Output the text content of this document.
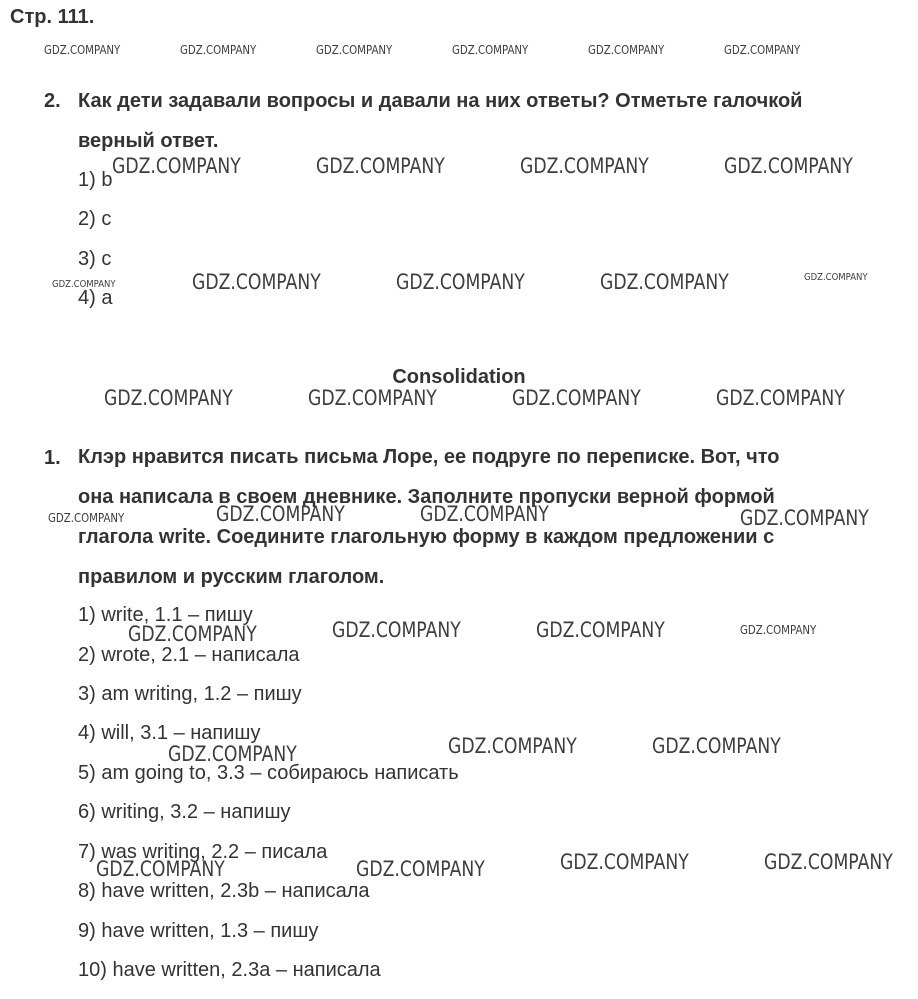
Стр. 111.
2. Как дети задавали вопросы и давали на них ответы? Отметьте галочкой

верный ответ.

1) b
2) c
3) c
4) a
Consolidation
1. Клэр нравится писать письма Лоре, ее подруге по переписке. Вот, что

она написала в своем дневнике. Заполните пропуски верной формой

глагола write. Соедините глагольную форму в каждом предложении с

правилом и русским глаголом.

1) write, 1.1 – пишу
2) wrote, 2.1 – написала
3) am writing, 1.2 – пишу
4) will, 3.1 – напишу
5) am going to, 3.3 – собираюсь написать
6) writing, 3.2 – напишу
7) was writing, 2.2 – писала
8) have written, 2.3b – написала
9) have written, 1.3 – пишу
10) have written, 2.3a – написала
GDZ.COMPANY	GDZ.COMPANY	GDZ.COMPANY	GDZ.COMPANY	GDZ.COMPANY	GDZ.COMPANY
GDZ.COMPANY	GDZ.COMPANY	GDZ.COMPANY	GDZ.COMPANY
GDZ.COMPANY	GDZ.COMPANY	GDZ.COMPANY	GDZ.COMPANY	GDZ.COMPANY
GDZ.COMPANY	GDZ.COMPANY	GDZ.COMPANY	GDZ.COMPANY
GDZ.COMPANY	GDZ.COMPANY	GDZ.COMPANY	GDZ.COMPANY
GDZ.COMPANY	GDZ.COMPANY	GDZ.COMPANY	GDZ.COMPANY
GDZ.COMPANY	GDZ.COMPANY	GDZ.COMPANY
GDZ.COMPANY	GDZ.COMPANY	GDZ.COMPANY	GDZ.COMPANY
